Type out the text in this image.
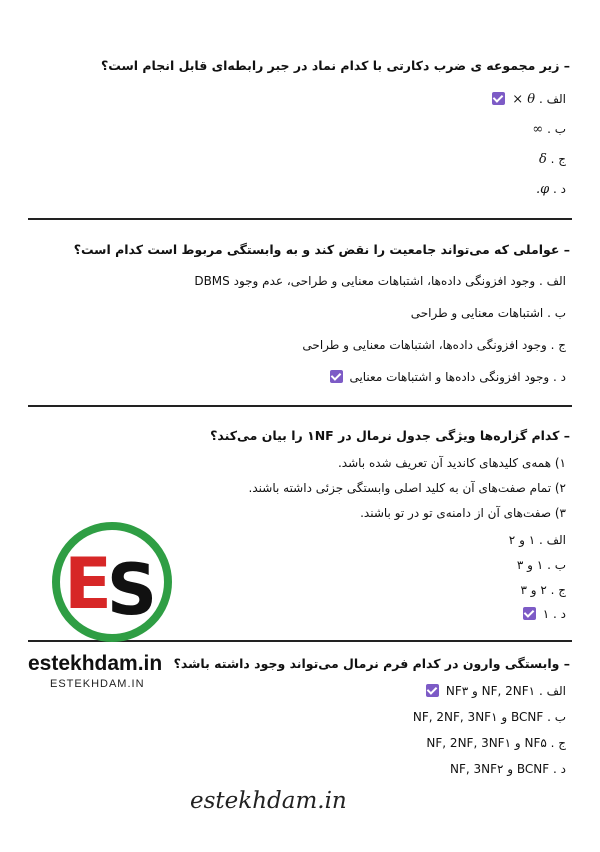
– زیر مجموعه ی ضرب دکارتی با کدام نماد در جبر رابطه‌ای قابل انجام است؟
الف . θ ×
ب . ∞
ج . δ
د . φ.
– عواملی که می‌تواند جامعیت را نقض کند و به وابستگی مربوط است کدام است؟
الف . وجود افزونگی داده‌ها، اشتباهات معنایی و طراحی، عدم وجود DBMS
ب . اشتباهات معنایی و طراحی
ج . وجود افزونگی داده‌ها، اشتباهات معنایی و طراحی
د . وجود افزونگی داده‌ها و اشتباهات معنایی
– کدام گزاره‌ها ویژگی جدول نرمال در ۱NF را بیان می‌کند؟
۱) همه‌ی کلیدهای کاندید آن تعریف شده باشد.
۲) تمام صفت‌های آن به کلید اصلی وابستگی جزئی داشته باشند.
۳) صفت‌های آن از دامنه‌ی تو در تو باشند.
الف . ۱ و ۲
ب . ۱ و ۳
ج . ۲ و ۳
د . ۱
– وابستگی وارون در کدام فرم نرمال می‌تواند وجود داشته باشد؟
الف . NF, 2NF۱ و NF۳
ب . BCNF و NF, 2NF, 3NF۱
ج . NF۵ و NF, 2NF, 3NF۱
د . BCNF و NF, 3NF۲
E
S
estekhdam.in
ESTEKHDAM.IN
estekhdam.in
